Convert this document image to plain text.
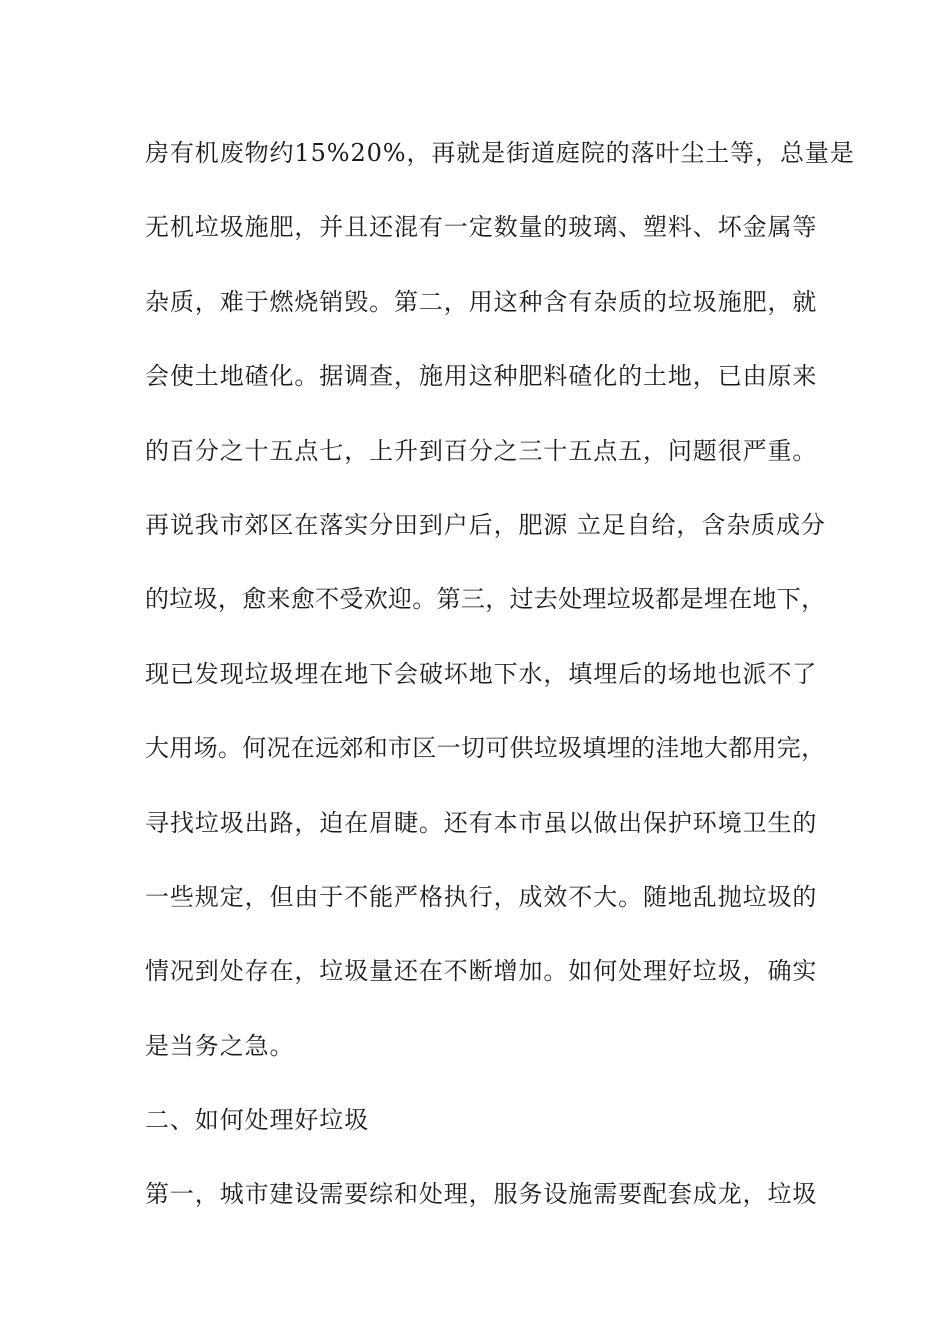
房有机废物约15%20%，再就是街道庭院的落叶尘土等，总量是
无机垃圾施肥，并且还混有一定数量的玻璃、塑料、坏金属等
杂质，难于燃烧销毁。第二，用这种含有杂质的垃圾施肥，就
会使土地碴化。据调查，施用这种肥料碴化的土地，已由原来
的百分之十五点七，上升到百分之三十五点五，问题很严重。
再说我市郊区在落实分田到户后，肥源 立足自给，含杂质成分
的垃圾，愈来愈不受欢迎。第三，过去处理垃圾都是埋在地下，
现已发现垃圾埋在地下会破坏地下水，填埋后的场地也派不了
大用场。何况在远郊和市区一切可供垃圾填埋的洼地大都用完，
寻找垃圾出路，迫在眉睫。还有本市虽以做出保护环境卫生的
一些规定，但由于不能严格执行，成效不大。随地乱抛垃圾的
情况到处存在，垃圾量还在不断增加。如何处理好垃圾，确实
是当务之急。
二、如何处理好垃圾
第一，城市建设需要综和处理，服务设施需要配套成龙，垃圾
